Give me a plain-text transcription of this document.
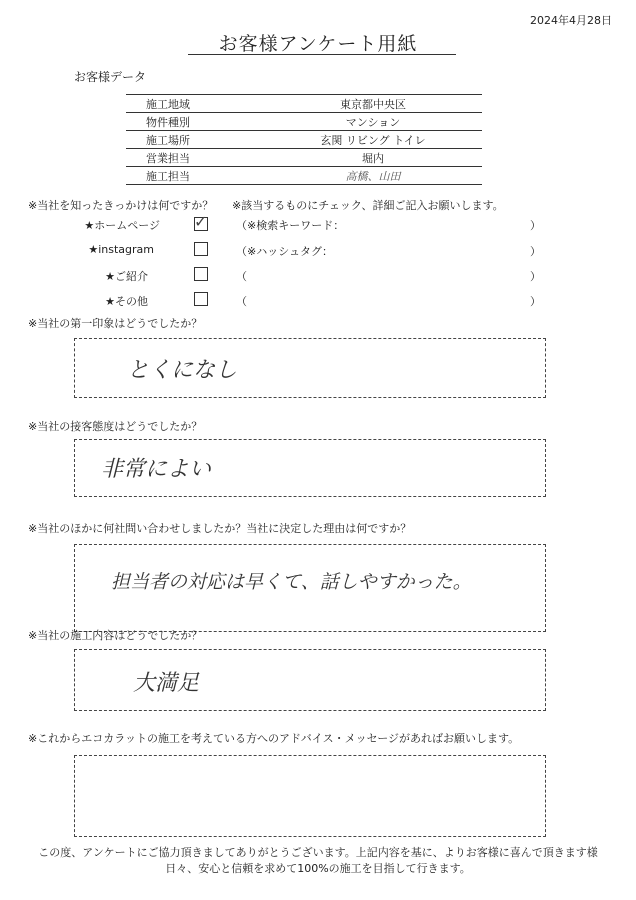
2024年4月28日
お客様アンケート用紙
お客様データ
施工地域	東京都中央区
物件種別	マンション
施工場所	玄関 リビング トイレ
営業担当	堀内
施工担当	高橋、山田
※当社を知ったきっかけは何ですか？ ※該当するものにチェック、詳細ご記入お願いします。
★ホームページ ✓	（※検索キーワード：	）
★instagram	（※ハッシュタグ：	）
★ご紹介	（	）
★その他	（	）
※当社の第一印象はどうでしたか？
とくになし
※当社の接客態度はどうでしたか？
非常によい
※当社のほかに何社問い合わせしましたか？当社に決定した理由は何ですか？
担当者の対応は早くて、話しやすかった。
※当社の施工内容はどうでしたか？
大満足
※これからエコカラットの施工を考えている方へのアドバイス・メッセージがあればお願いします。
この度、アンケートにご協力頂きましてありがとうございます。上記内容を基に、よりお客様に喜んで頂きます様
日々、安心と信頼を求めて100%の施工を目指して行きます。
